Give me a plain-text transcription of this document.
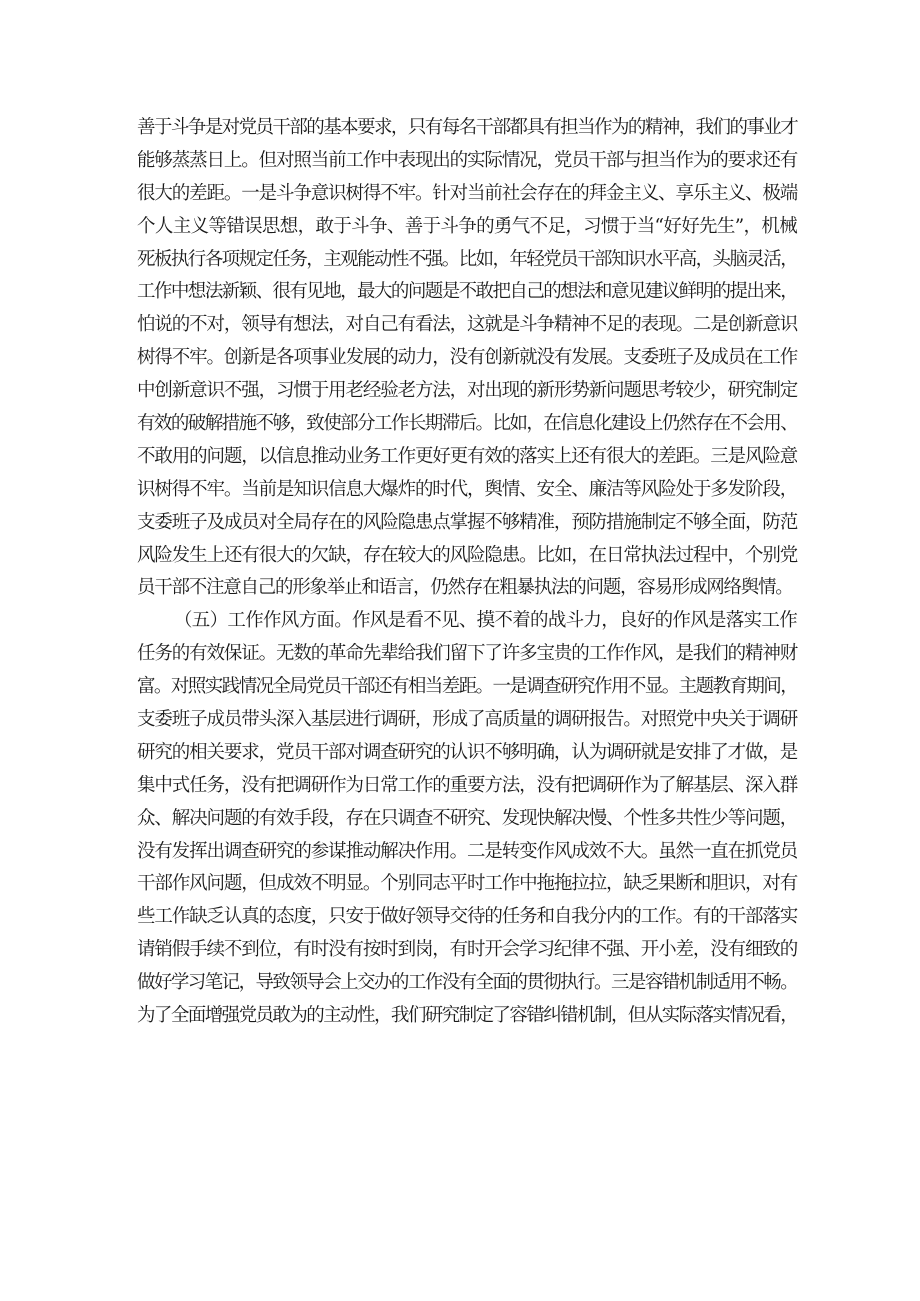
善于斗争是对党员干部的基本要求，只有每名干部都具有担当作为的精神，我们的事业才
能够蒸蒸日上。但对照当前工作中表现出的实际情况，党员干部与担当作为的要求还有
很大的差距。一是斗争意识树得不牢。针对当前社会存在的拜金主义、享乐主义、极端
个人主义等错误思想，敢于斗争、善于斗争的勇气不足，习惯于当“好好先生”，机械
死板执行各项规定任务，主观能动性不强。比如，年轻党员干部知识水平高，头脑灵活，
工作中想法新颖、很有见地，最大的问题是不敢把自己的想法和意见建议鲜明的提出来，
怕说的不对，领导有想法，对自己有看法，这就是斗争精神不足的表现。二是创新意识
树得不牢。创新是各项事业发展的动力，没有创新就没有发展。支委班子及成员在工作
中创新意识不强，习惯于用老经验老方法，对出现的新形势新问题思考较少，研究制定
有效的破解措施不够，致使部分工作长期滞后。比如，在信息化建设上仍然存在不会用、
不敢用的问题，以信息推动业务工作更好更有效的落实上还有很大的差距。三是风险意
识树得不牢。当前是知识信息大爆炸的时代，舆情、安全、廉洁等风险处于多发阶段，
支委班子及成员对全局存在的风险隐患点掌握不够精准，预防措施制定不够全面，防范
风险发生上还有很大的欠缺，存在较大的风险隐患。比如，在日常执法过程中，个别党
员干部不注意自己的形象举止和语言，仍然存在粗暴执法的问题，容易形成网络舆情。
（五）工作作风方面。作风是看不见、摸不着的战斗力，良好的作风是落实工作
任务的有效保证。无数的革命先辈给我们留下了许多宝贵的工作作风，是我们的精神财
富。对照实践情况全局党员干部还有相当差距。一是调查研究作用不显。主题教育期间，
支委班子成员带头深入基层进行调研，形成了高质量的调研报告。对照党中央关于调研
研究的相关要求，党员干部对调查研究的认识不够明确，认为调研就是安排了才做，是
集中式任务，没有把调研作为日常工作的重要方法，没有把调研作为了解基层、深入群
众、解决问题的有效手段，存在只调查不研究、发现快解决慢、个性多共性少等问题，
没有发挥出调查研究的参谋推动解决作用。二是转变作风成效不大。虽然一直在抓党员
干部作风问题，但成效不明显。个别同志平时工作中拖拖拉拉，缺乏果断和胆识，对有
些工作缺乏认真的态度，只安于做好领导交待的任务和自我分内的工作。有的干部落实
请销假手续不到位，有时没有按时到岗，有时开会学习纪律不强、开小差，没有细致的
做好学习笔记，导致领导会上交办的工作没有全面的贯彻执行。三是容错机制适用不畅。
为了全面增强党员敢为的主动性，我们研究制定了容错纠错机制，但从实际落实情况看，
